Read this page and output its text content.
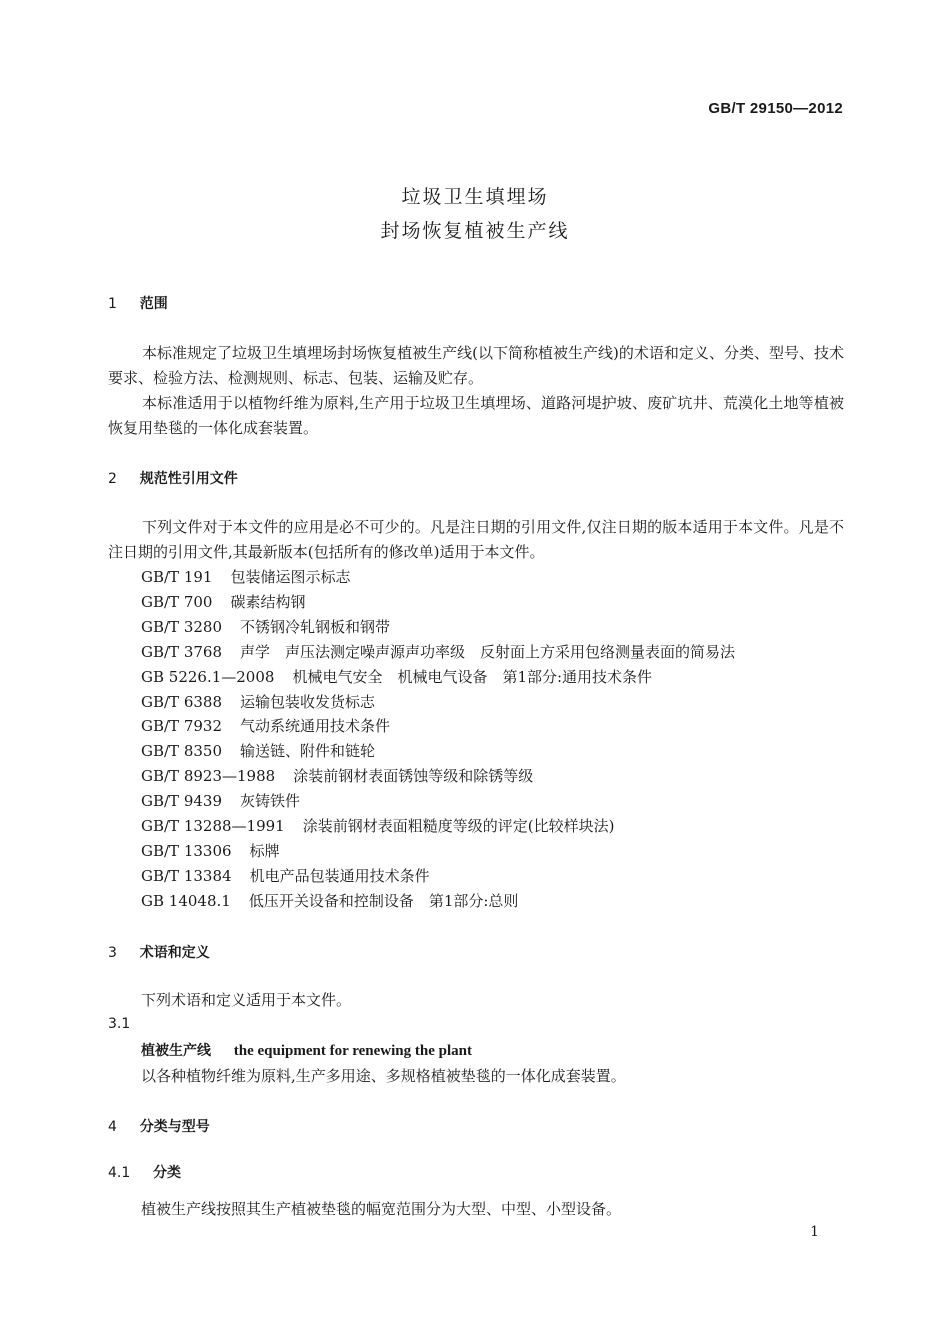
GB/T 29150—2012
垃圾卫生填埋场
封场恢复植被生产线
1 范围
本标准规定了垃圾卫生填埋场封场恢复植被生产线(以下简称植被生产线)的术语和定义、分类、型号、技术要求、检验方法、检测规则、标志、包装、运输及贮存。
本标准适用于以植物纤维为原料,生产用于垃圾卫生填埋场、道路河堤护坡、废矿坑井、荒漠化土地等植被恢复用垫毯的一体化成套装置。
2 规范性引用文件
下列文件对于本文件的应用是必不可少的。凡是注日期的引用文件,仅注日期的版本适用于本文件。凡是不注日期的引用文件,其最新版本(包括所有的修改单)适用于本文件。
GB/T 191 包装储运图示标志
GB/T 700 碳素结构钢
GB/T 3280 不锈钢冷轧钢板和钢带
GB/T 3768 声学　声压法测定噪声源声功率级　反射面上方采用包络测量表面的简易法
GB 5226.1—2008 机械电气安全　机械电气设备　第1部分:通用技术条件
GB/T 6388 运输包装收发货标志
GB/T 7932 气动系统通用技术条件
GB/T 8350 输送链、附件和链轮
GB/T 8923—1988 涂装前钢材表面锈蚀等级和除锈等级
GB/T 9439 灰铸铁件
GB/T 13288—1991 涂装前钢材表面粗糙度等级的评定(比较样块法)
GB/T 13306 标牌
GB/T 13384 机电产品包装通用技术条件
GB 14048.1 低压开关设备和控制设备　第1部分:总则
3 术语和定义
下列术语和定义适用于本文件。
3.1
植被生产线 the equipment for renewing the plant
以各种植物纤维为原料,生产多用途、多规格植被垫毯的一体化成套装置。
4 分类与型号
4.1 分类
植被生产线按照其生产植被垫毯的幅宽范围分为大型、中型、小型设备。
1
